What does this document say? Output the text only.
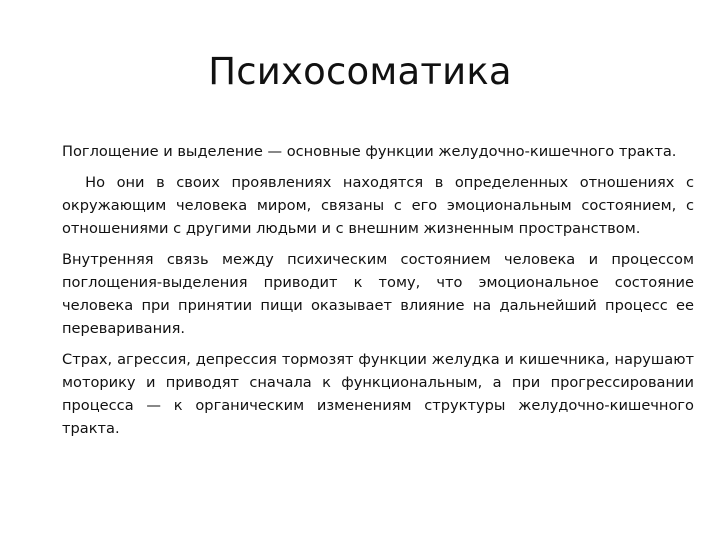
Психосоматика

Поглощение и выделение — основные функции желудочно-кишечного тракта.

Но они в своих проявлениях находятся в определенных отношениях с окружающим человека миром, связаны с его эмоциональным состоянием, с отношениями с другими людьми и с внешним жизненным пространством.

Внутренняя связь между психическим состоянием человека и процессом поглощения-выделения приводит к тому, что эмоциональное состояние человека при принятии пищи оказывает влияние на дальнейший процесс ее переваривания.

Страх, агрессия, депрессия тормозят функции желудка и кишечника, нарушают моторику и приводят сначала к функциональным, а при прогрессировании процесса — к органическим изменениям структуры желудочно-кишечного тракта.
